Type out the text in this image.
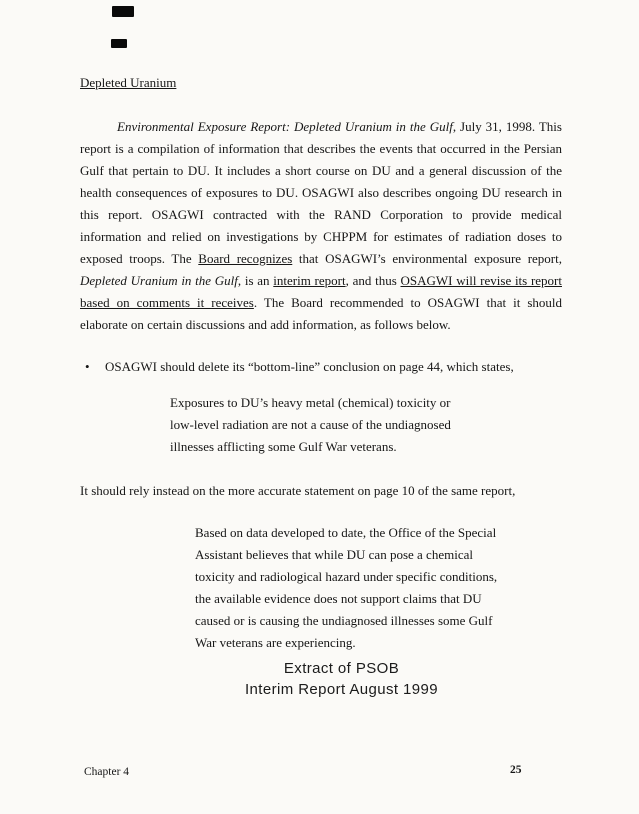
Depleted Uranium

Environmental Exposure Report: Depleted Uranium in the Gulf, July 31, 1998. This report is a compilation of information that describes the events that occurred in the Persian Gulf that pertain to DU. It includes a short course on DU and a general discussion of the health consequences of exposures to DU. OSAGWI also describes ongoing DU research in this report. OSAGWI contracted with the RAND Corporation to provide medical information and relied on investigations by CHPPM for estimates of radiation doses to exposed troops. The Board recognizes that OSAGWI’s environmental exposure report, Depleted Uranium in the Gulf, is an interim report, and thus OSAGWI will revise its report based on comments it receives. The Board recommended to OSAGWI that it should elaborate on certain discussions and add information, as follows below.

• OSAGWI should delete its “bottom-line” conclusion on page 44, which states,

Exposures to DU’s heavy metal (chemical) toxicity or low-level radiation are not a cause of the undiagnosed illnesses afflicting some Gulf War veterans.

It should rely instead on the more accurate statement on page 10 of the same report,

Based on data developed to date, the Office of the Special Assistant believes that while DU can pose a chemical toxicity and radiological hazard under specific conditions, the available evidence does not support claims that DU caused or is causing the undiagnosed illnesses some Gulf War veterans are experiencing.

Extract of PSOB
Interim Report August 1999
Chapter 4	25
